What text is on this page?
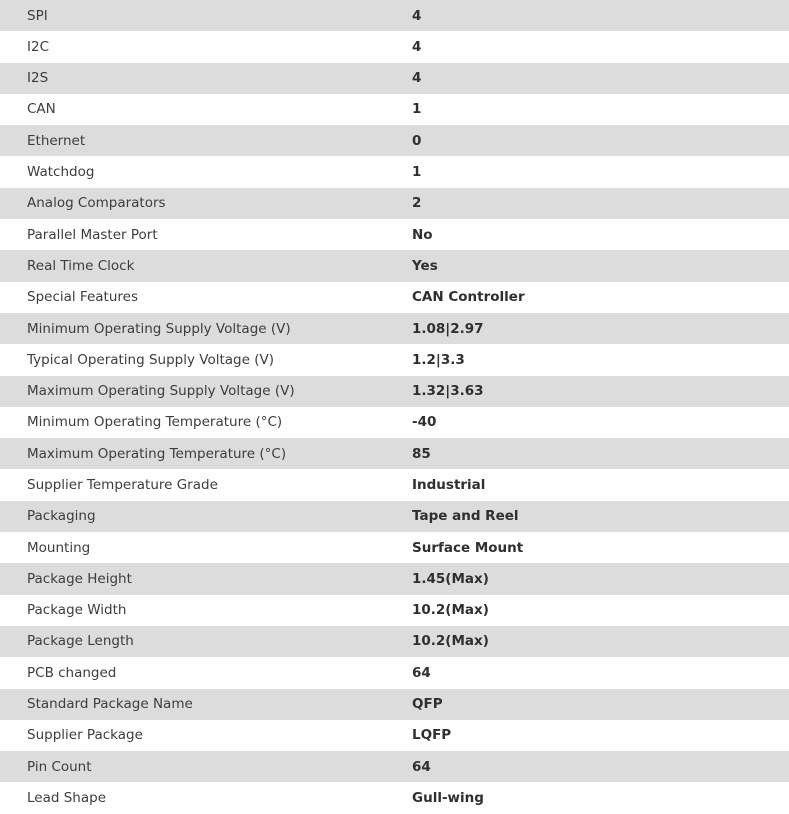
SPI	4
I2C	4
I2S	4
CAN	1
Ethernet	0
Watchdog	1
Analog Comparators	2
Parallel Master Port	No
Real Time Clock	Yes
Special Features	CAN Controller
Minimum Operating Supply Voltage (V)	1.08|2.97
Typical Operating Supply Voltage (V)	1.2|3.3
Maximum Operating Supply Voltage (V)	1.32|3.63
Minimum Operating Temperature (°C)	-40
Maximum Operating Temperature (°C)	85
Supplier Temperature Grade	Industrial
Packaging	Tape and Reel
Mounting	Surface Mount
Package Height	1.45(Max)
Package Width	10.2(Max)
Package Length	10.2(Max)
PCB changed	64
Standard Package Name	QFP
Supplier Package	LQFP
Pin Count	64
Lead Shape	Gull-wing
